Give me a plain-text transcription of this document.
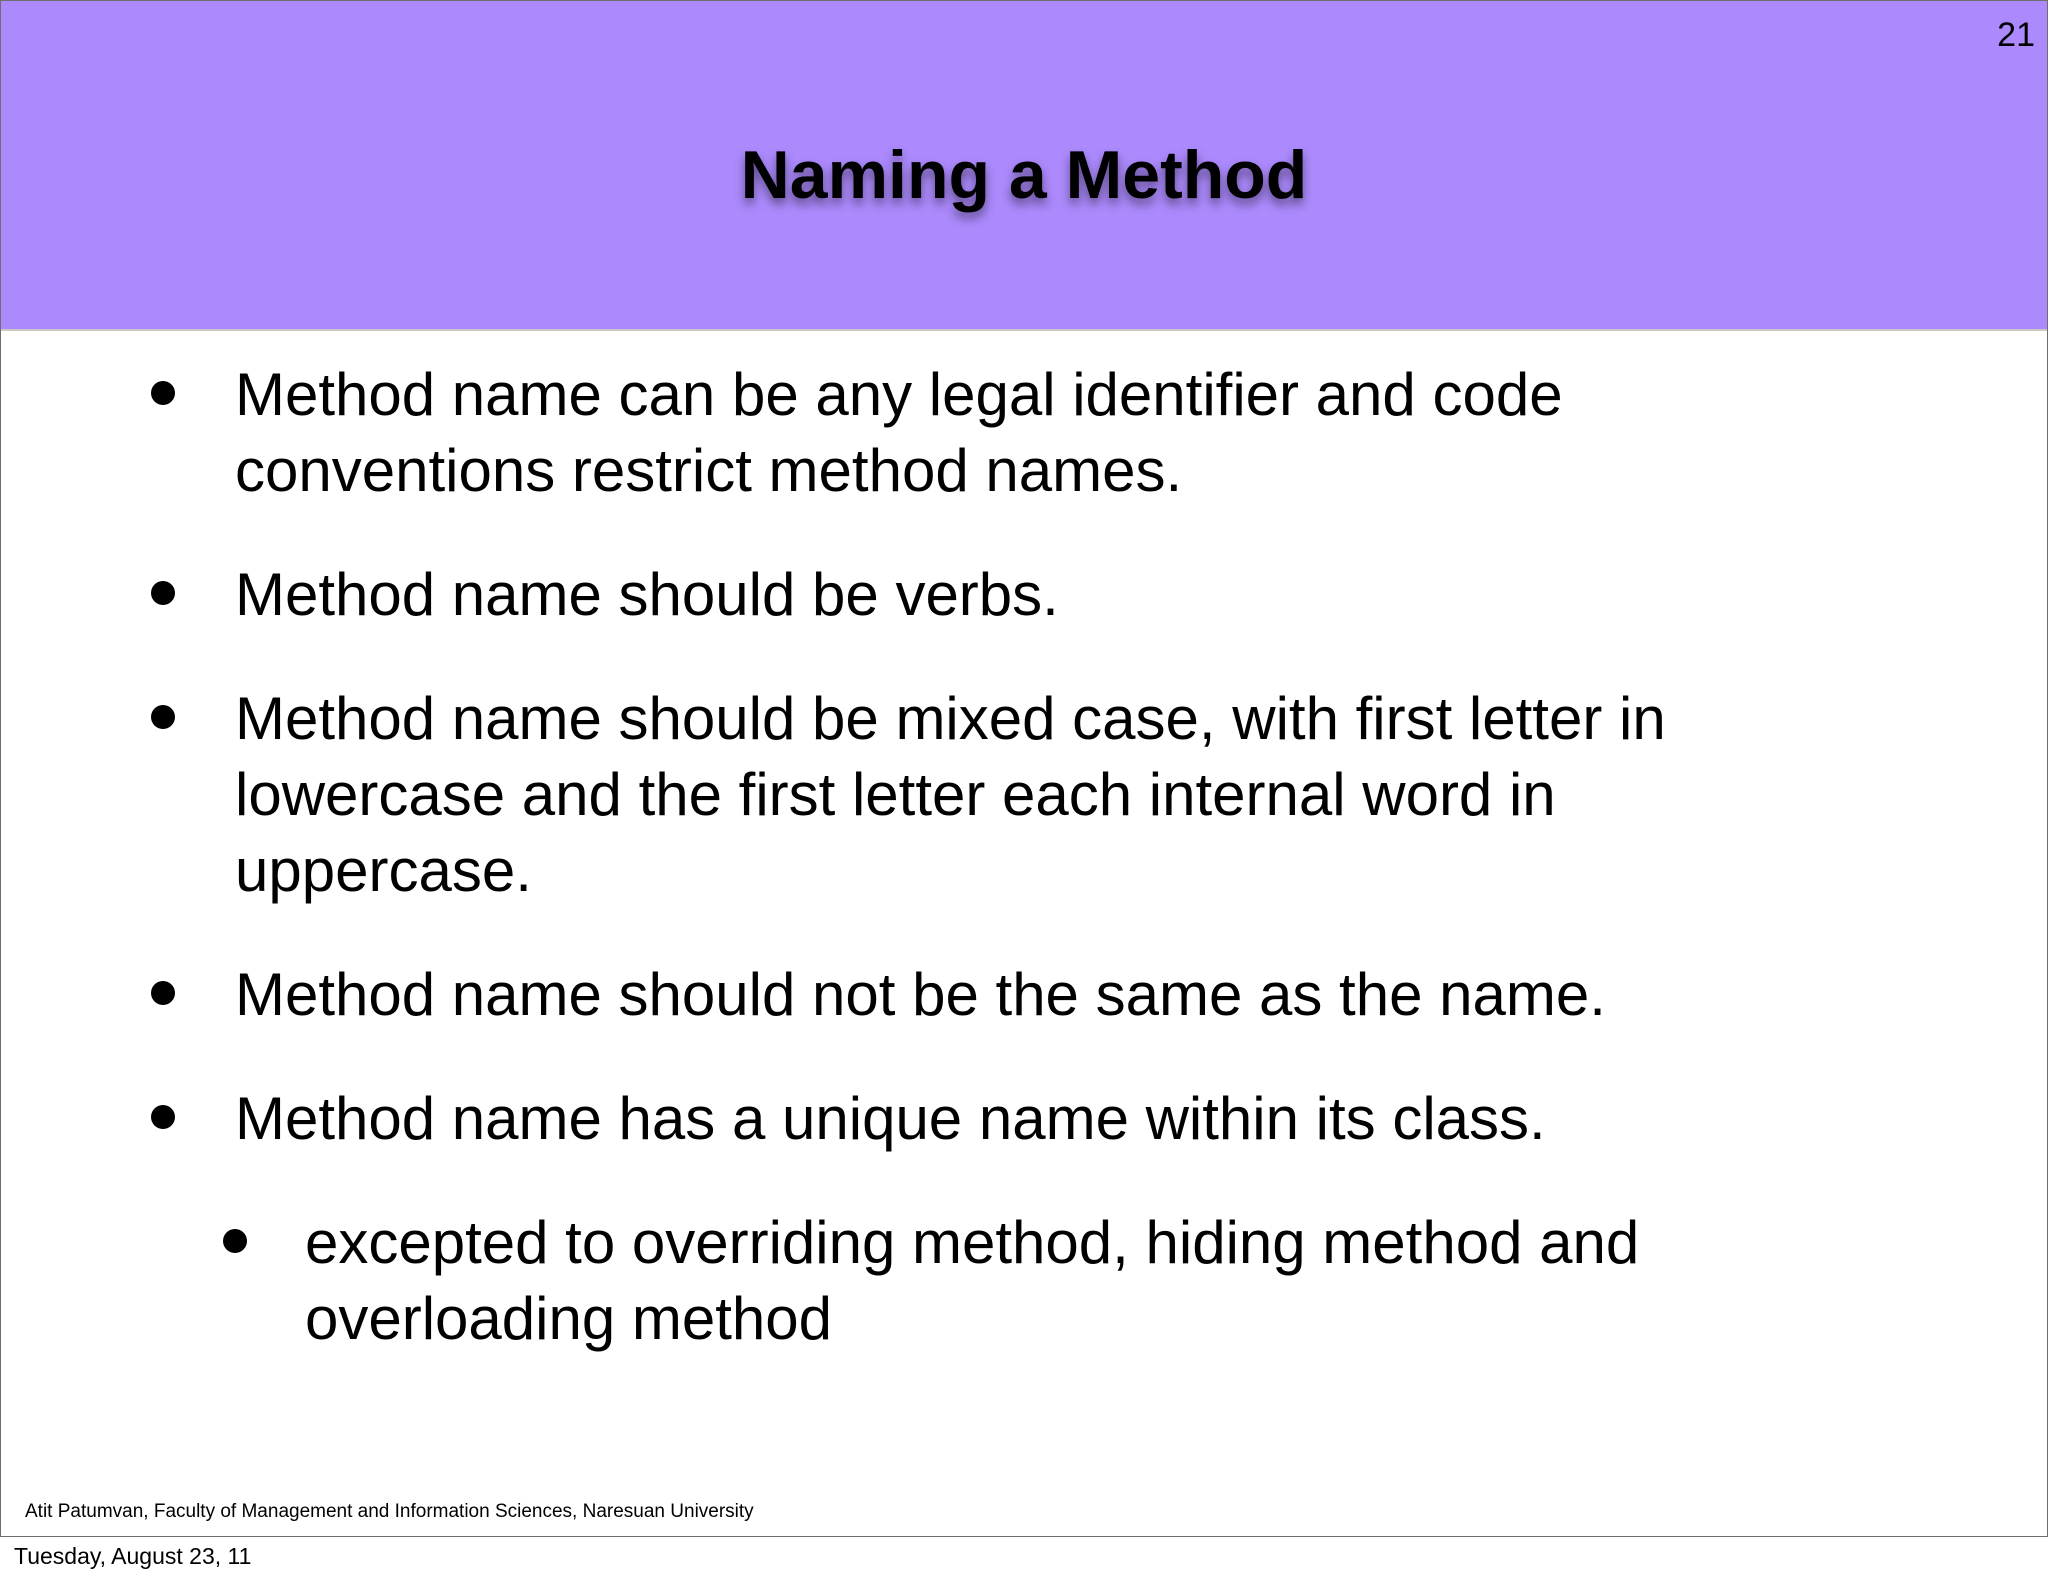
21
Naming a Method
Method name can be any legal identifier and code conventions restrict method names.
Method name should be verbs.
Method name should be mixed case, with first letter in lowercase and the first letter each internal word in uppercase.
Method name should not be the same as the name.
Method name has a unique name within its class.
excepted to overriding method, hiding method and overloading method
Atit Patumvan, Faculty of Management and Information Sciences, Naresuan University
Tuesday, August 23, 11
